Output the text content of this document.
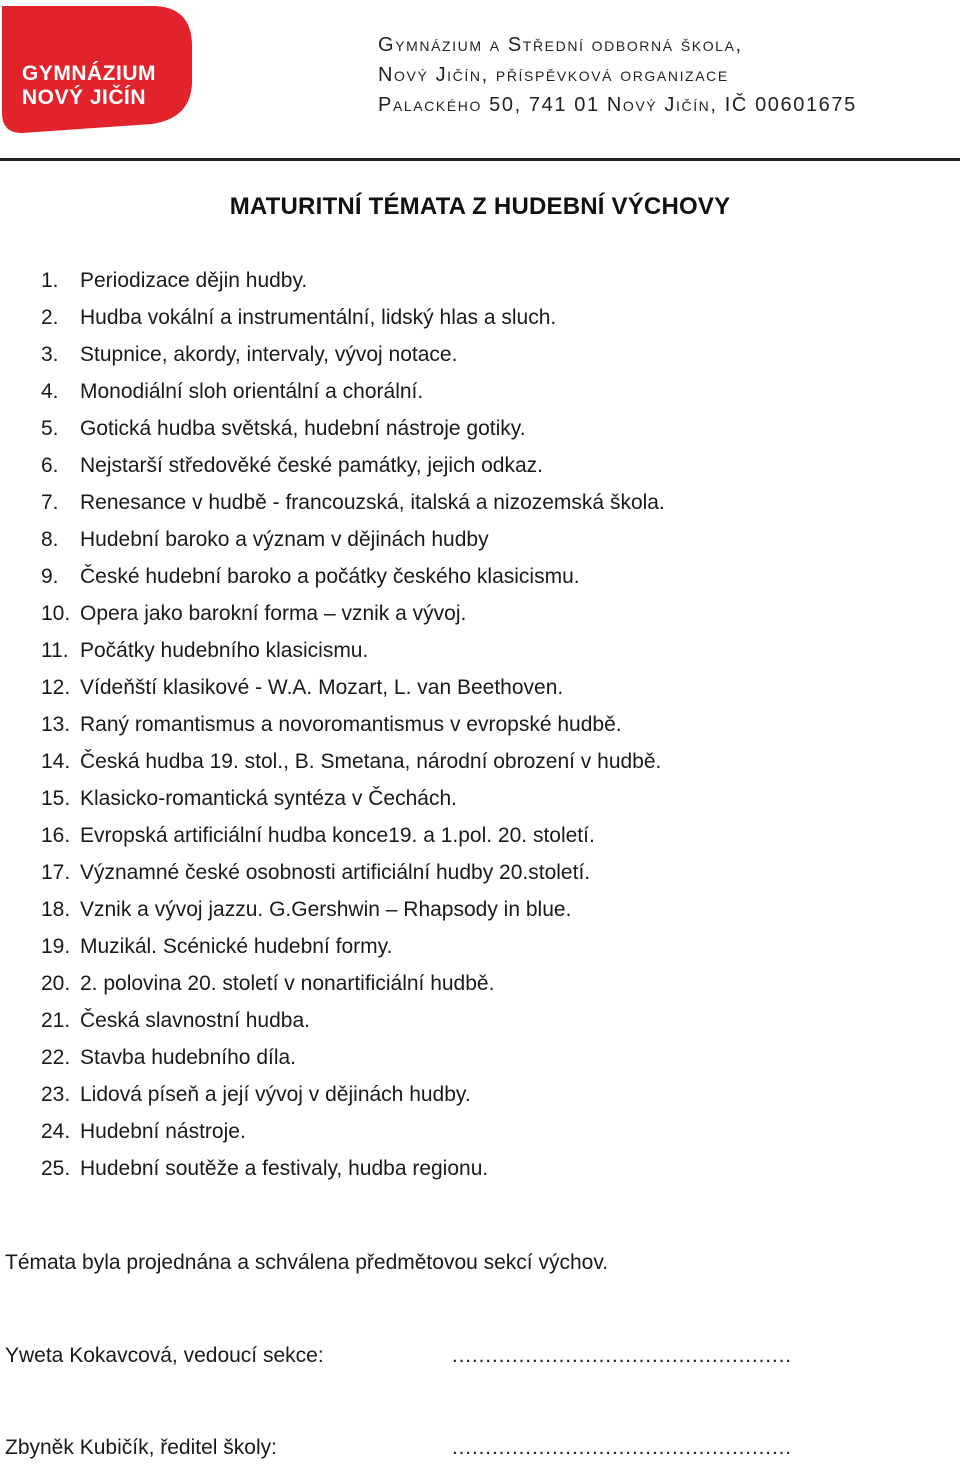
GYMNÁZIUM
NOVÝ JIČÍN
Gymnázium a Střední odborná škola,
Nový Jičín, příspěvková organizace
Palackého 50, 741 01 Nový Jičín, IČ 00601675
MATURITNÍ TÉMATA Z HUDEBNÍ VÝCHOVY
1.	Periodizace dějin hudby.
2.	Hudba vokální a instrumentální, lidský hlas a sluch.
3.	Stupnice, akordy, intervaly, vývoj notace.
4.	Monodiální sloh orientální a chorální.
5.	Gotická hudba světská, hudební nástroje gotiky.
6.	Nejstarší středověké české památky, jejich odkaz.
7.	Renesance v hudbě - francouzská, italská a nizozemská škola.
8.	Hudební baroko a význam v dějinách hudby
9.	České hudební baroko a počátky českého klasicismu.
10. Opera jako barokní forma – vznik a vývoj.
11. Počátky hudebního klasicismu.
12. Vídeňští klasikové - W.A. Mozart, L. van Beethoven.
13. Raný romantismus a novoromantismus v evropské hudbě.
14. Česká hudba 19. stol., B. Smetana, národní obrození v hudbě.
15. Klasicko-romantická syntéza v Čechách.
16. Evropská artificiální hudba konce19. a 1.pol. 20. století.
17. Významné české osobnosti artificiální hudby 20.století.
18. Vznik a vývoj jazzu. G.Gershwin – Rhapsody in blue.
19. Muzikál. Scénické hudební formy.
20. 2. polovina 20. století v nonartificiální hudbě.
21. Česká slavnostní hudba.
22. Stavba hudebního díla.
23. Lidová píseň a její vývoj v dějinách hudby.
24. Hudební nástroje.
25. Hudební soutěže a festivaly, hudba regionu.
Témata byla projednána a schválena předmětovou sekcí výchov.
Yweta Kokavcová, vedoucí sekce:	……………………………………………
Zbyněk Kubičík, ředitel školy:	……………………………………………
